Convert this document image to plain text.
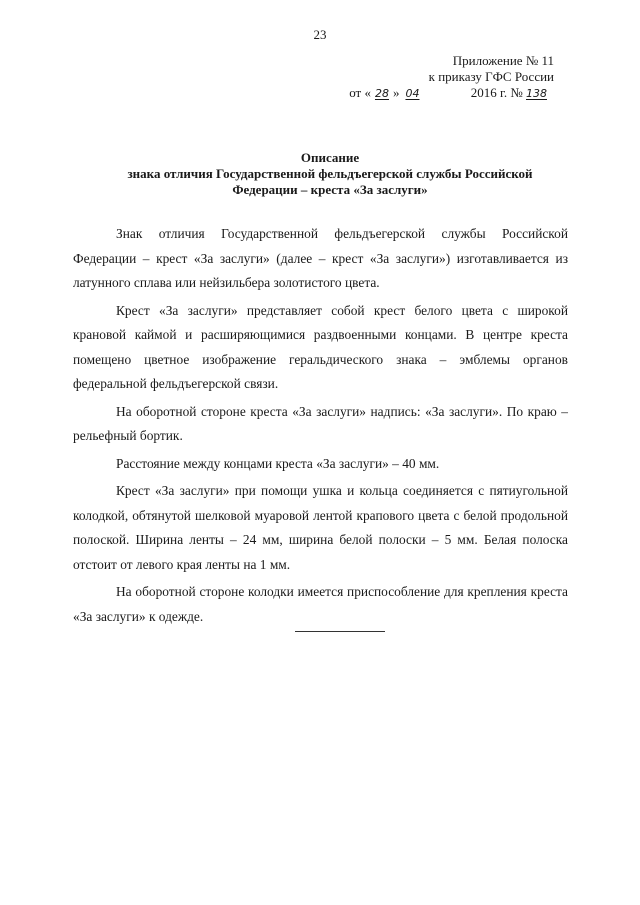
23
Приложение № 11
к приказу ГФС России
от « 28 » 04	2016 г. № 138
Описание
знака отличия Государственной фельдъегерской службы Российской
Федерации – креста «За заслуги»

Знак отличия Государственной фельдъегерской службы Российской Федерации – крест «За заслуги» (далее – крест «За заслуги») изготавливается из латунного сплава или нейзильбера золотистого цвета.

Крест «За заслуги» представляет собой крест белого цвета с широкой крановой каймой и расширяющимися раздвоенными концами. В центре креста помещено цветное изображение геральдического знака – эмблемы органов федеральной фельдъегерской связи.

На оборотной стороне креста «За заслуги» надпись: «За заслуги». По краю – рельефный бортик.

Расстояние между концами креста «За заслуги» – 40 мм.

Крест «За заслуги» при помощи ушка и кольца соединяется с пятиугольной колодкой, обтянутой шелковой муаровой лентой крапового цвета с белой продольной полоской. Ширина ленты – 24 мм, ширина белой полоски – 5 мм. Белая полоска отстоит от левого края ленты на 1 мм.

На оборотной стороне колодки имеется приспособление для крепления креста «За заслуги» к одежде.
